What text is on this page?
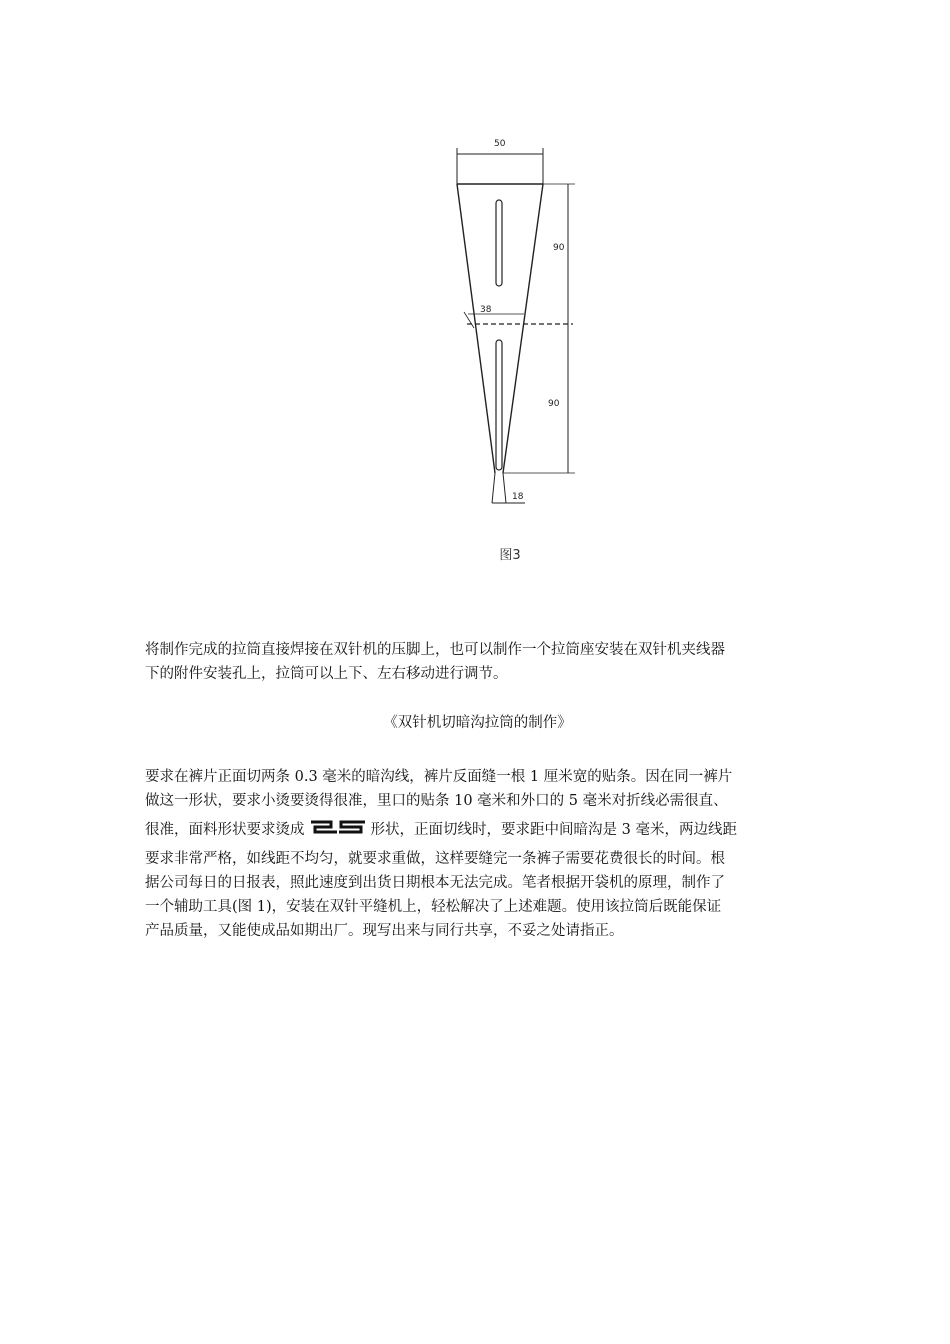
50
38
90
90
18
图3
将制作完成的拉筒直接焊接在双针机的压脚上，也可以制作一个拉筒座安装在双针机夹线器
下的附件安装孔上，拉筒可以上下、左右移动进行调节。
《双针机切暗沟拉筒的制作》
要求在裤片正面切两条 0.3 毫米的暗沟线，裤片反面缝一根 1 厘米宽的贴条。因在同一裤片
做这一形状，要求小烫要烫得很准，里口的贴条 10 毫米和外口的 5 毫米对折线必需很直、
很准，面料形状要求烫成	形状，正面切线时，要求距中间暗沟是 3 毫米，两边线距
要求非常严格，如线距不均匀，就要求重做，这样要缝完一条裤子需要花费很长的时间。根
据公司每日的日报表，照此速度到出货日期根本无法完成。笔者根据开袋机的原理，制作了
一个辅助工具(图 1)，安装在双针平缝机上，轻松解决了上述难题。使用该拉筒后既能保证
产品质量，又能使成品如期出厂。现写出来与同行共享，不妥之处请指正。
